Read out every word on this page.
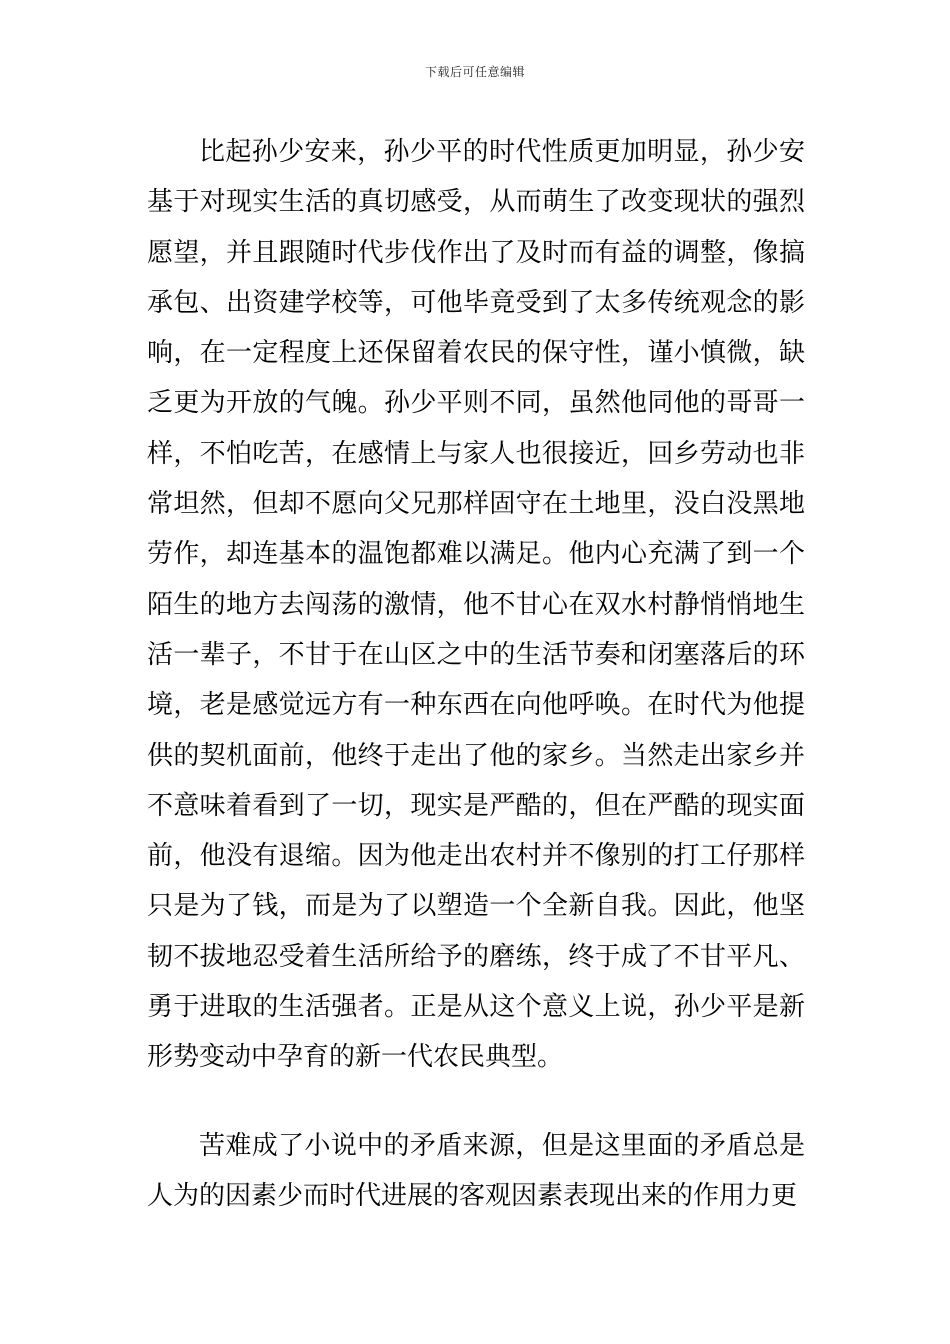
下载后可任意编辑

比起孙少安来，孙少平的时代性质更加明显，孙少安基于对现实生活的真切感受，从而萌生了改变现状的强烈愿望，并且跟随时代步伐作出了及时而有益的调整，像搞承包、出资建学校等，可他毕竟受到了太多传统观念的影响，在一定程度上还保留着农民的保守性，谨小慎微，缺乏更为开放的气魄。孙少平则不同，虽然他同他的哥哥一样，不怕吃苦，在感情上与家人也很接近，回乡劳动也非常坦然，但却不愿向父兄那样固守在土地里，没白没黑地劳作，却连基本的温饱都难以满足。他内心充满了到一个陌生的地方去闯荡的激情，他不甘心在双水村静悄悄地生活一辈子，不甘于在山区之中的生活节奏和闭塞落后的环境，老是感觉远方有一种东西在向他呼唤。在时代为他提供的契机面前，他终于走出了他的家乡。当然走出家乡并不意味着看到了一切，现实是严酷的，但在严酷的现实面前，他没有退缩。因为他走出农村并不像别的打工仔那样只是为了钱，而是为了以塑造一个全新自我。因此，他坚韧不拔地忍受着生活所给予的磨练，终于成了不甘平凡、勇于进取的生活强者。正是从这个意义上说，孙少平是新形势变动中孕育的新一代农民典型。

苦难成了小说中的矛盾来源，但是这里面的矛盾总是人为的因素少而时代进展的客观因素表现出来的作用力更
